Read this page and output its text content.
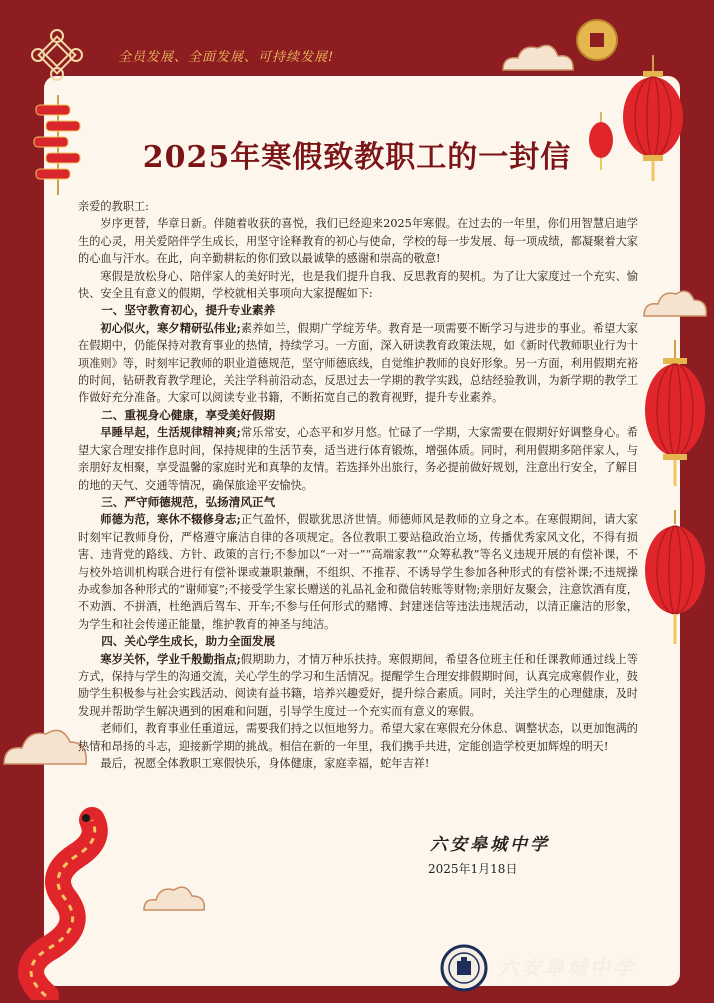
全员发展、全面发展、可持续发展!
2025年寒假致教职工的一封信

亲爱的教职工:

岁序更替，华章日新。伴随着收获的喜悦，我们已经迎来2025年寒假。在过去的一年里，你们用智慧启迪学生的心灵，用关爱陪伴学生成长，用坚守诠释教育的初心与使命，学校的每一步发展、每一项成绩，都凝聚着大家的心血与汗水。在此，向辛勤耕耘的你们致以最诚挚的感谢和崇高的敬意!

寒假是放松身心、陪伴家人的美好时光，也是我们提升自我、反思教育的契机。为了让大家度过一个充实、愉快、安全且有意义的假期，学校就相关事项向大家提醒如下:

一、坚守教育初心，提升专业素养

初心似火，寒夕精研弘伟业;素养如兰，假期广学绽芳华。教育是一项需要不断学习与进步的事业。希望大家在假期中，仍能保持对教育事业的热情，持续学习。一方面，深入研读教育政策法规，如《新时代教师职业行为十项准则》等，时刻牢记教师的职业道德规范，坚守师德底线，自觉维护教师的良好形象。另一方面，利用假期充裕的时间，钻研教育教学理论，关注学科前沿动态，反思过去一学期的教学实践，总结经验教训，为新学期的教学工作做好充分准备。大家可以阅读专业书籍，不断拓宽自己的教育视野，提升专业素养。

二、重视身心健康，享受美好假期

早睡早起，生活规律精神爽;常乐常安，心态平和岁月悠。忙碌了一学期，大家需要在假期好好调整身心。希望大家合理安排作息时间，保持规律的生活节奏，适当进行体育锻炼，增强体质。同时，利用假期多陪伴家人，与亲朋好友相聚，享受温馨的家庭时光和真挚的友情。若选择外出旅行，务必提前做好规划，注意出行安全，了解目的地的天气、交通等情况，确保旅途平安愉快。

三、严守师德规范，弘扬清风正气

师德为范，寒休不辍修身志;正气盈怀，假歇犹思济世情。师德师风是教师的立身之本。在寒假期间，请大家时刻牢记教师身份，严格遵守廉洁自律的各项规定。各位教职工要站稳政治立场，传播优秀家风文化，不得有损害、违背党的路线、方针、政策的言行;不参加以“一对一”“高端家教”“众筹私教”等名义违规开展的有偿补课，不与校外培训机构联合进行有偿补课或兼职兼酬，不组织、不推荐、不诱导学生参加各种形式的有偿补课;不违规操办或参加各种形式的“谢师宴”;不接受学生家长赠送的礼品礼金和微信转账等财物;亲朋好友聚会，注意饮酒有度，不劝酒、不拼酒，杜绝酒后驾车、开车;不参与任何形式的赌博、封建迷信等违法违规活动，以清正廉洁的形象，为学生和社会传递正能量，维护教育的神圣与纯洁。

四、关心学生成长，助力全面发展

寒岁关怀，学业千般勤指点;假期助力，才情万种乐扶持。寒假期间，希望各位班主任和任课教师通过线上等方式，保持与学生的沟通交流，关心学生的学习和生活情况。提醒学生合理安排假期时间，认真完成寒假作业，鼓励学生积极参与社会实践活动、阅读有益书籍，培养兴趣爱好，提升综合素质。同时，关注学生的心理健康，及时发现并帮助学生解决遇到的困难和问题，引导学生度过一个充实而有意义的寒假。

老师们，教育事业任重道远，需要我们持之以恒地努力。希望大家在寒假充分休息、调整状态，以更加饱满的热情和昂扬的斗志，迎接新学期的挑战。相信在新的一年里，我们携手共进，定能创造学校更加辉煌的明天!

最后，祝愿全体教职工寒假快乐，身体健康，家庭幸福，蛇年吉祥!

六安皋城中学
2025年1月18日
六安皋城中学
